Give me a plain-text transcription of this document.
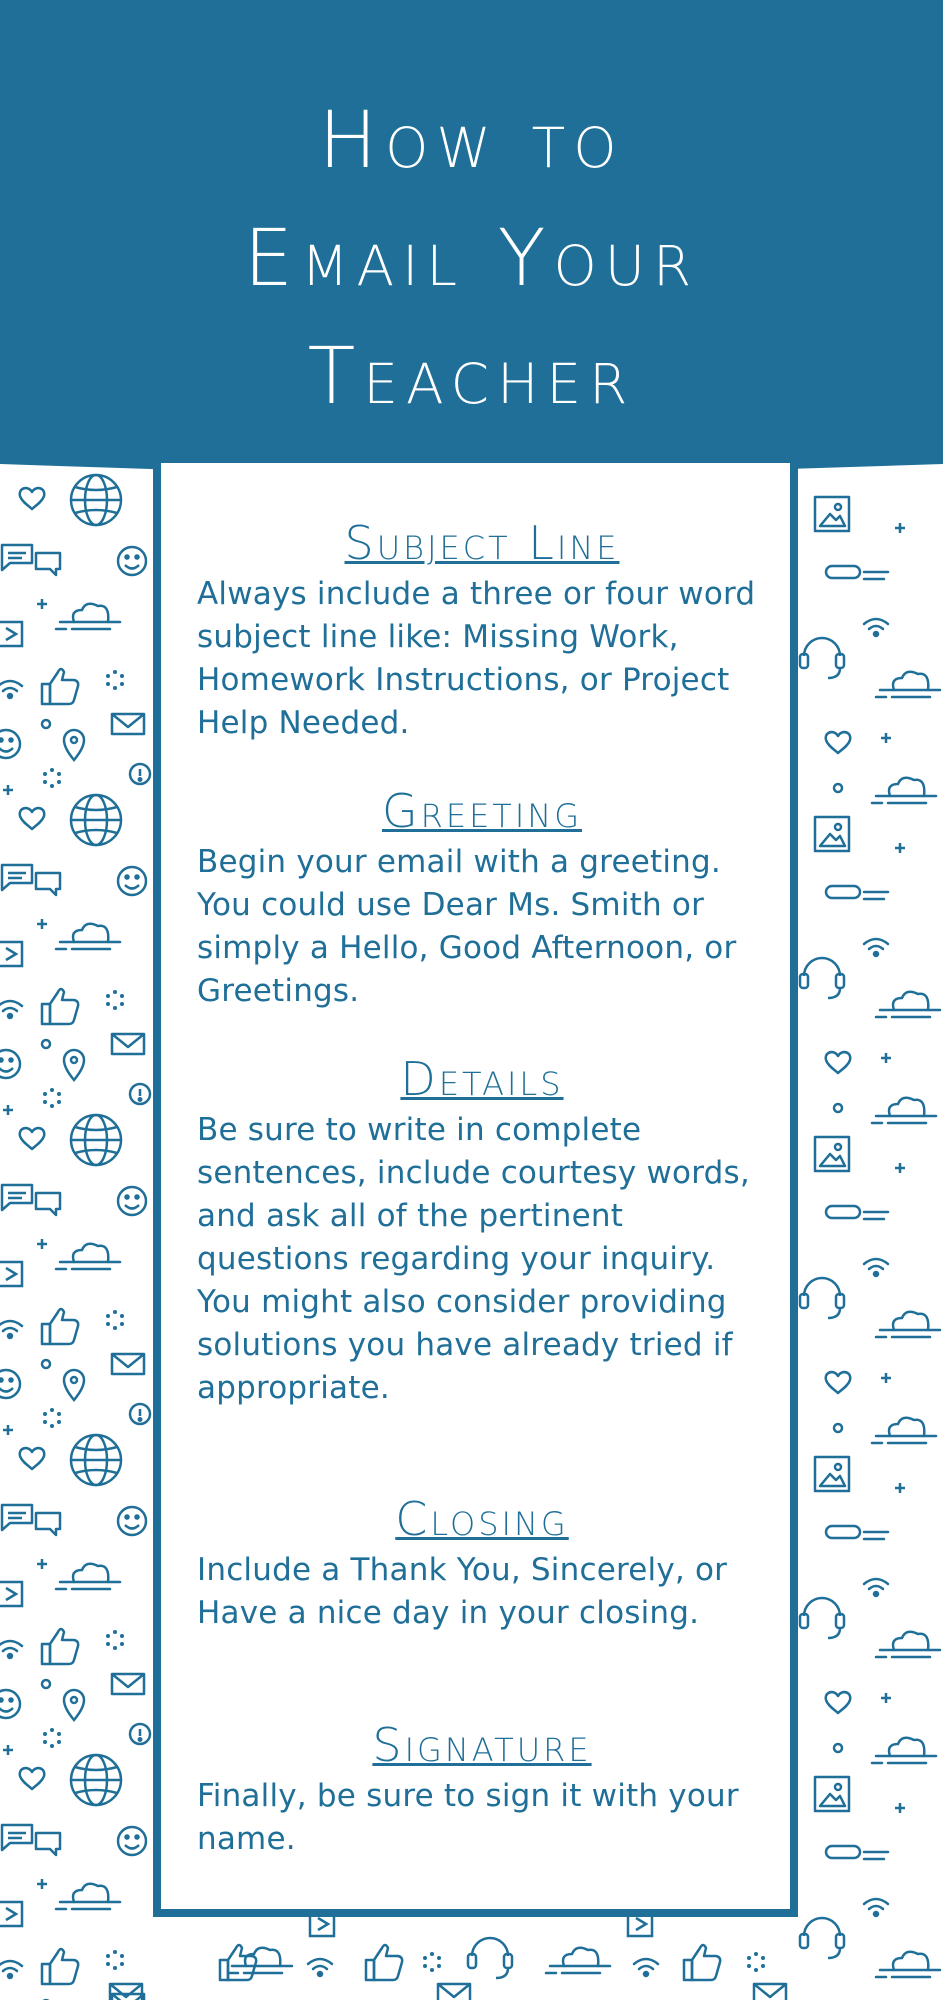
How to
Email Your
Teacher
Subject Line
Always include a three or four word subject line like: Missing Work, Homework Instructions, or Project Help Needed.
Greeting
Begin your email with a greeting. You could use Dear Ms. Smith or simply a Hello, Good Afternoon, or Greetings.
Details
Be sure to write in complete sentences, include courtesy words, and ask all of the pertinent questions regarding your inquiry. You might also consider providing solutions you have already tried if appropriate.
Closing
Include a Thank You, Sincerely, or Have a nice day in your closing.
Signature
Finally, be sure to sign it with your name.
